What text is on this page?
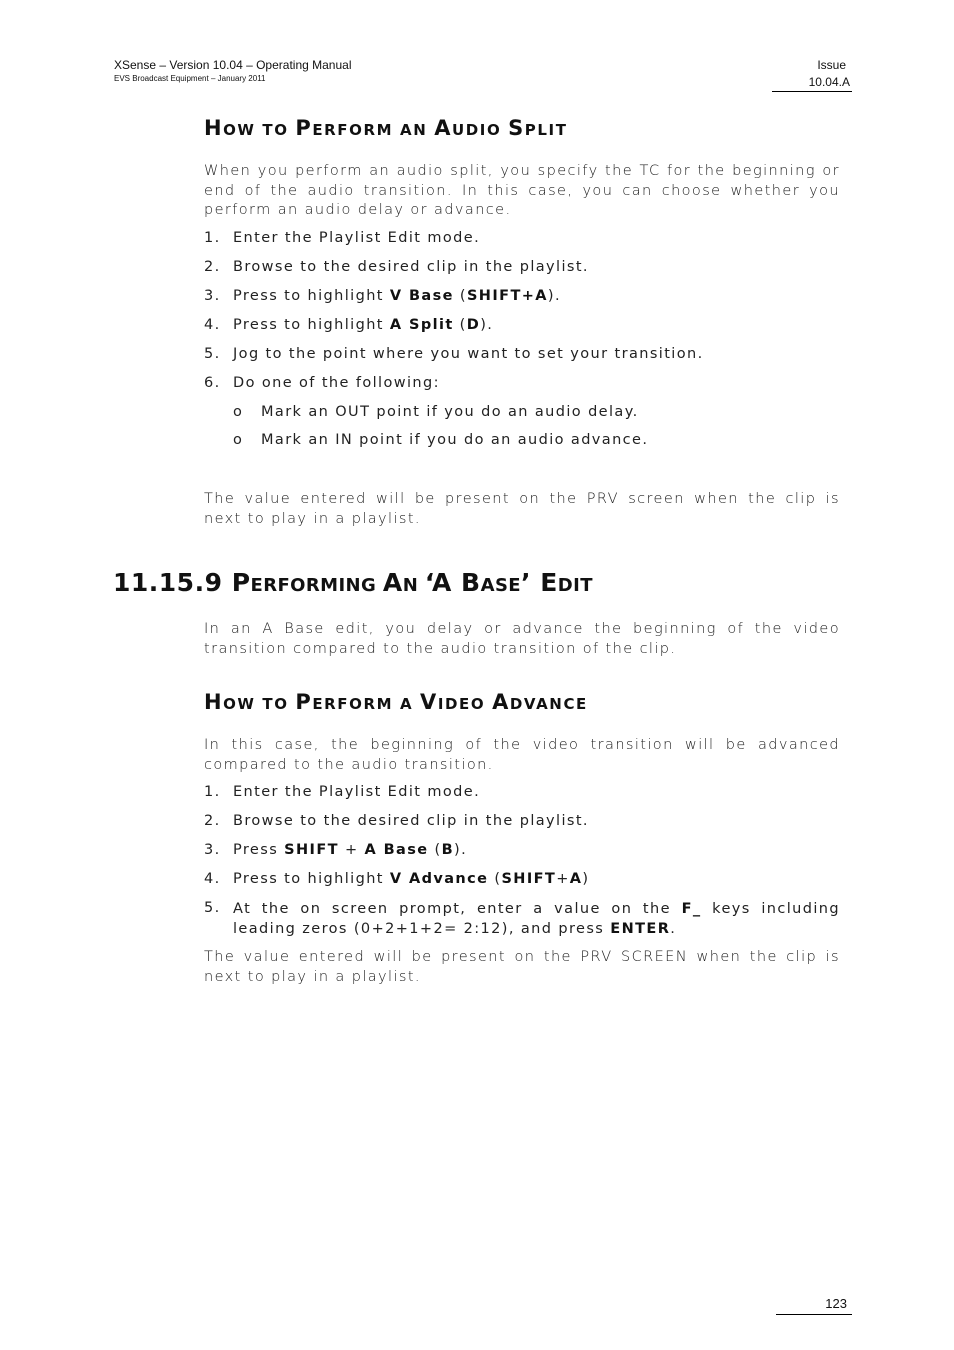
XSense – Version 10.04 – Operating Manual
EVS Broadcast Equipment – January 2011
Issue
10.04.A
HOW TO PERFORM AN AUDIO SPLIT
When you perform an audio split, you specify the TC for the beginning or end of the audio transition. In this case, you can choose whether you perform an audio delay or advance.
1. Enter the Playlist Edit mode.
2. Browse to the desired clip in the playlist.
3. Press to highlight V Base (SHIFT+A).
4. Press to highlight A Split (D).
5. Jog to the point where you want to set your transition.
6. Do one of the following:
o Mark an OUT point if you do an audio delay.
o Mark an IN point if you do an audio advance.
The value entered will be present on the PRV screen when the clip is next to play in a playlist.
11.15.9 PERFORMING AN ‘A BASE’ EDIT
In an A Base edit, you delay or advance the beginning of the video transition compared to the audio transition of the clip.
HOW TO PERFORM A VIDEO ADVANCE
In this case, the beginning of the video transition will be advanced compared to the audio transition.
1. Enter the Playlist Edit mode.
2. Browse to the desired clip in the playlist.
3. Press SHIFT + A Base (B).
4. Press to highlight V Advance (SHIFT+A)
5. At the on screen prompt, enter a value on the F_ keys including leading zeros (0+2+1+2= 2:12), and press ENTER.
The value entered will be present on the PRV SCREEN when the clip is next to play in a playlist.
123
